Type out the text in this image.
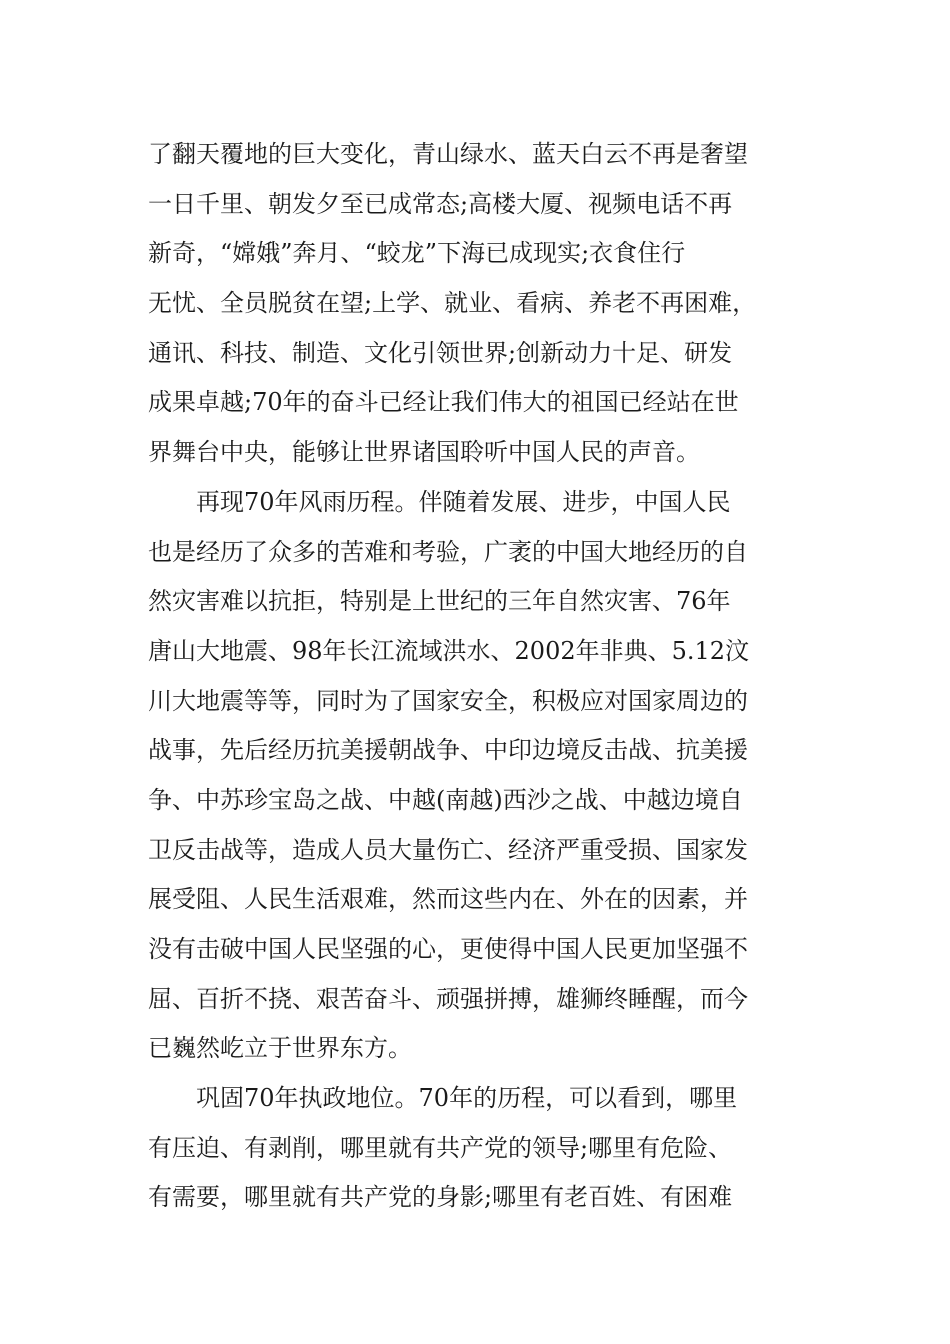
了翻天覆地的巨大变化，青山绿水、蓝天白云不再是奢望
一日千里、朝发夕至已成常态;高楼大厦、视频电话不再
新奇，“嫦娥”奔月、“蛟龙”下海已成现实;衣食住行
无忧、全员脱贫在望;上学、就业、看病、养老不再困难，
通讯、科技、制造、文化引领世界;创新动力十足、研发
成果卓越;70年的奋斗已经让我们伟大的祖国已经站在世
界舞台中央，能够让世界诸国聆听中国人民的声音。
　　再现70年风雨历程。伴随着发展、进步，中国人民
也是经历了众多的苦难和考验，广袤的中国大地经历的自
然灾害难以抗拒，特别是上世纪的三年自然灾害、76年
唐山大地震、98年长江流域洪水、2002年非典、5.12汶
川大地震等等，同时为了国家安全，积极应对国家周边的
战事，先后经历抗美援朝战争、中印边境反击战、抗美援
争、中苏珍宝岛之战、中越(南越)西沙之战、中越边境自
卫反击战等，造成人员大量伤亡、经济严重受损、国家发
展受阻、人民生活艰难，然而这些内在、外在的因素，并
没有击破中国人民坚强的心，更使得中国人民更加坚强不
屈、百折不挠、艰苦奋斗、顽强拼搏，雄狮终睡醒，而今
已巍然屹立于世界东方。
　　巩固70年执政地位。70年的历程，可以看到，哪里
有压迫、有剥削，哪里就有共产党的领导;哪里有危险、
有需要，哪里就有共产党的身影;哪里有老百姓、有困难
